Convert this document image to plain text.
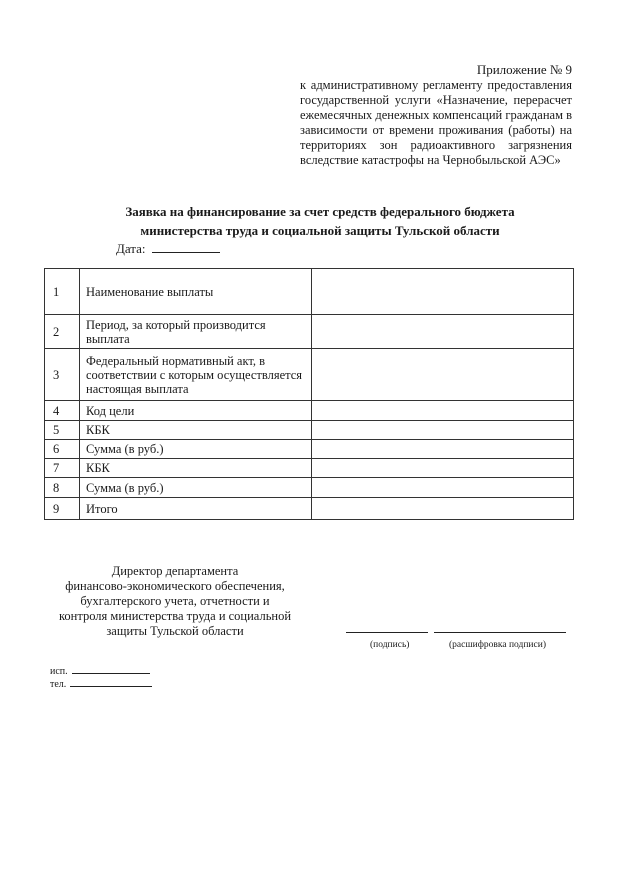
Приложение № 9
к административному регламенту предоставления государственной услуги «Назначение, перерасчет ежемесячных денежных компенсаций гражданам в зависимости от времени проживания (работы) на территориях зон радиоактивного загрязнения вследствие катастрофы на Чернобыльской АЭС»
Заявка на финансирование за счет средств федерального бюджета
министерства труда и социальной защиты Тульской области
Дата:
1	Наименование выплаты	
2	Период, за который производится выплата	
3	Федеральный нормативный акт, в соответствии с которым осуществляется настоящая выплата	
4	Код цели	
5	КБК	
6	Сумма (в руб.)	
7	КБК	
8	Сумма (в руб.)	
9	Итого	
Директор департамента
финансово-экономического обеспечения,
бухгалтерского учета, отчетности и
контроля министерства труда и социальной
защиты Тульской области
(подпись)	(расшифровка подписи)
исп.
тел.
